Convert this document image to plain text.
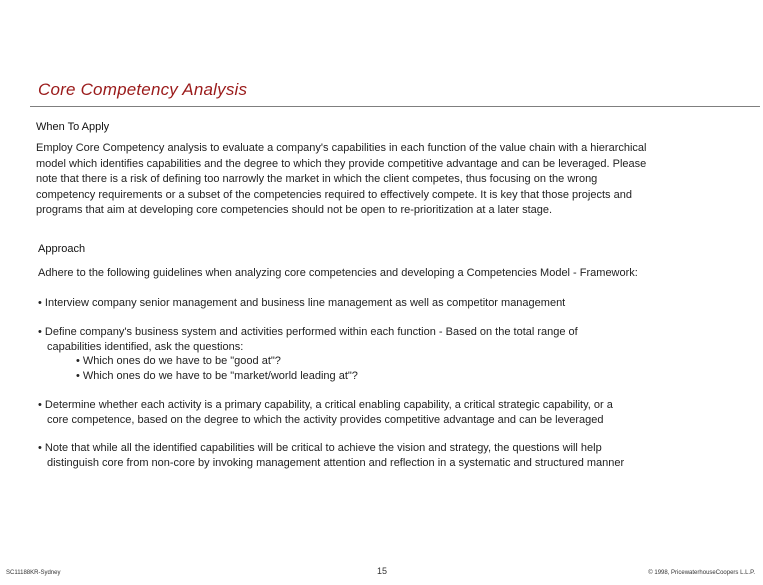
Core Competency Analysis
When To Apply
Employ Core Competency analysis to evaluate a company's capabilities in each function of the value chain with a hierarchical
model which identifies capabilities and the degree to which they provide competitive advantage and can be leveraged. Please
note that there is a risk of defining too narrowly the market in which the client competes, thus focusing on the wrong
competency requirements or a subset of the competencies required to effectively compete. It is key that those projects and
programs that aim at developing core competencies should not be open to re-prioritization at a later stage.
Approach
Adhere to the following guidelines when analyzing core competencies and developing a Competencies Model - Framework:
• Interview company senior management and business line management as well as competitor management
• Define company's business system and activities performed within each function - Based on the total range of
capabilities identified, ask the questions:
• Which ones do we have to be "good at"?
• Which ones do we have to be "market/world leading at"?
• Determine whether each activity is a primary capability, a critical enabling capability, a critical strategic capability, or a
core competence, based on the degree to which the activity provides competitive advantage and can be leveraged
• Note that while all the identified capabilities will be critical to achieve the vision and strategy, the questions will help
distinguish core from non-core by invoking management attention and reflection in a systematic and structured manner
SC11188KR-Sydney	15	© 1998, PricewaterhouseCoopers L.L.P.
